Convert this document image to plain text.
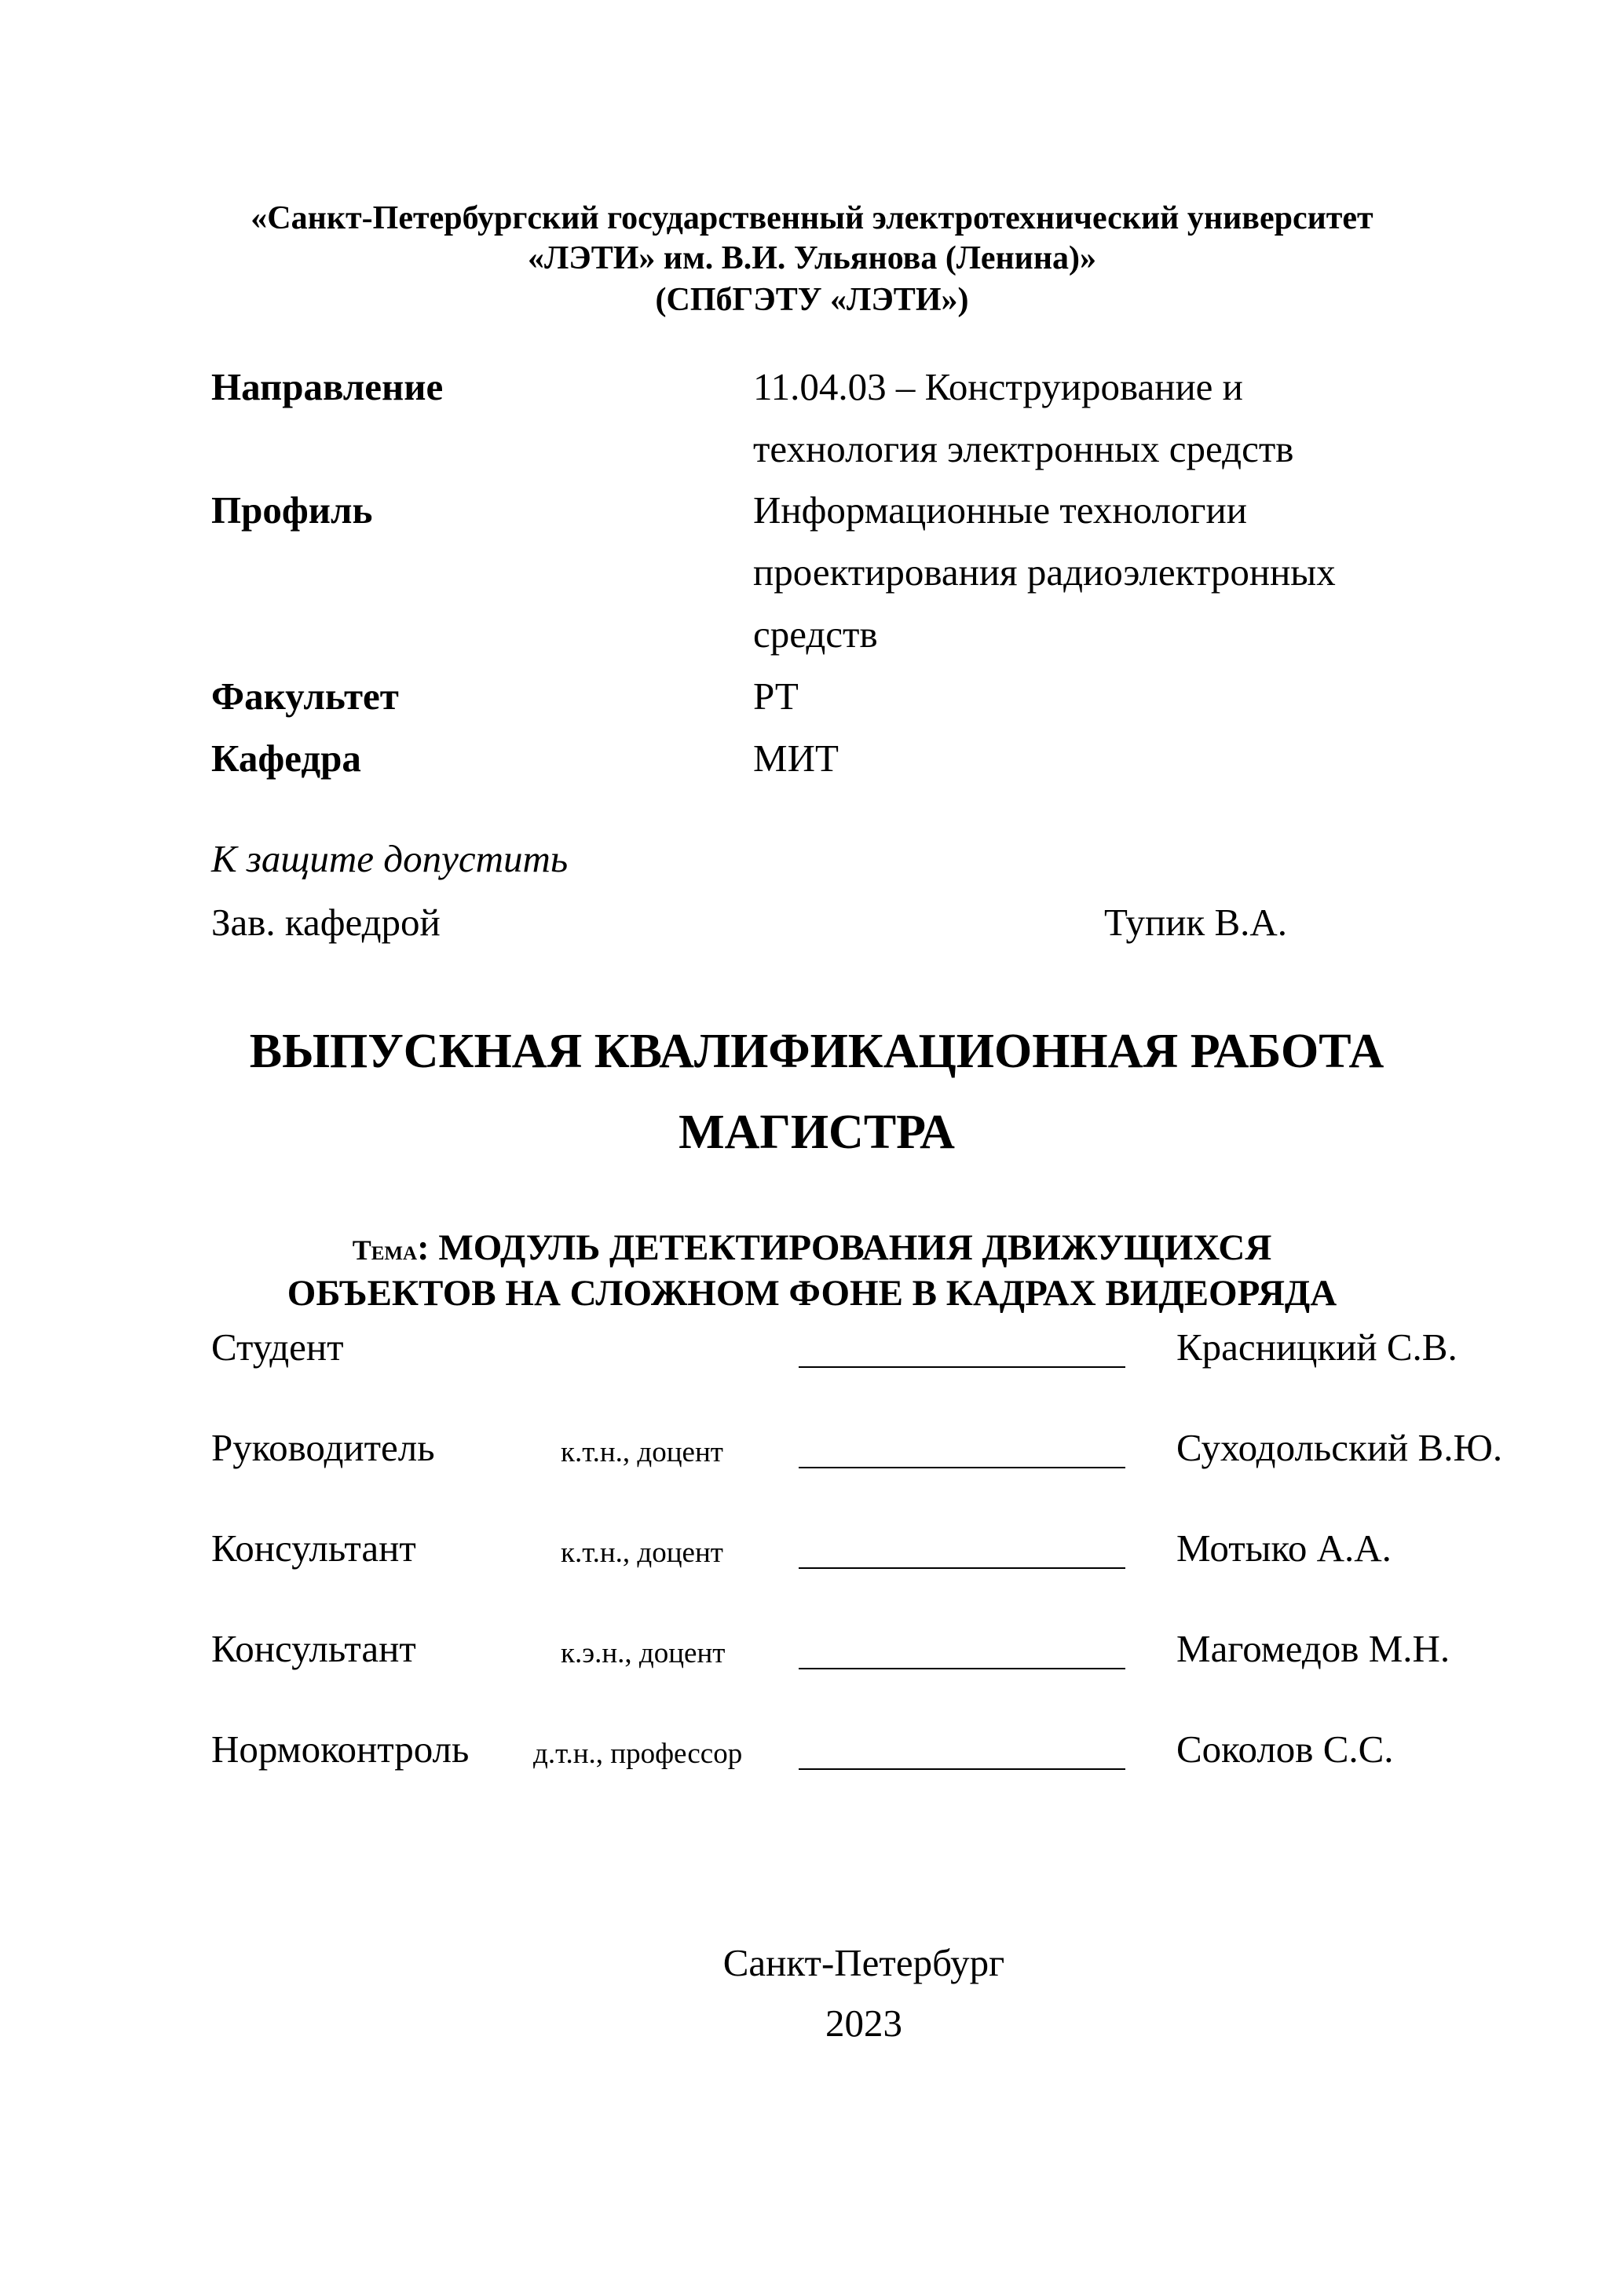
«Санкт-Петербургский государственный электротехнический университет
«ЛЭТИ» им. В.И. Ульянова (Ленина)»
(СПбГЭТУ «ЛЭТИ»)
Направление	11.04.03 – Конструирование и
технология электронных средств
Профиль	Информационные технологии
проектирования радиоэлектронных
средств
Факультет	РТ
Кафедра	МИТ
К защите допустить
Зав. кафедрой	Тупик В.А.
ВЫПУСКНАЯ КВАЛИФИКАЦИОННАЯ РАБОТА
МАГИСТРА
Тема: МОДУЛЬ ДЕТЕКТИРОВАНИЯ ДВИЖУЩИХСЯ
ОБЪЕКТОВ НА СЛОЖНОМ ФОНЕ В КАДРАХ ВИДЕОРЯДА
Студент	Красницкий С.В.
Руководитель	к.т.н., доцент	Суходольский В.Ю.
Консультант	к.т.н., доцент	Мотыко А.А.
Консультант	к.э.н., доцент	Магомедов М.Н.
Нормоконтроль д.т.н., профессор	Соколов С.С.
Санкт-Петербург
2023
